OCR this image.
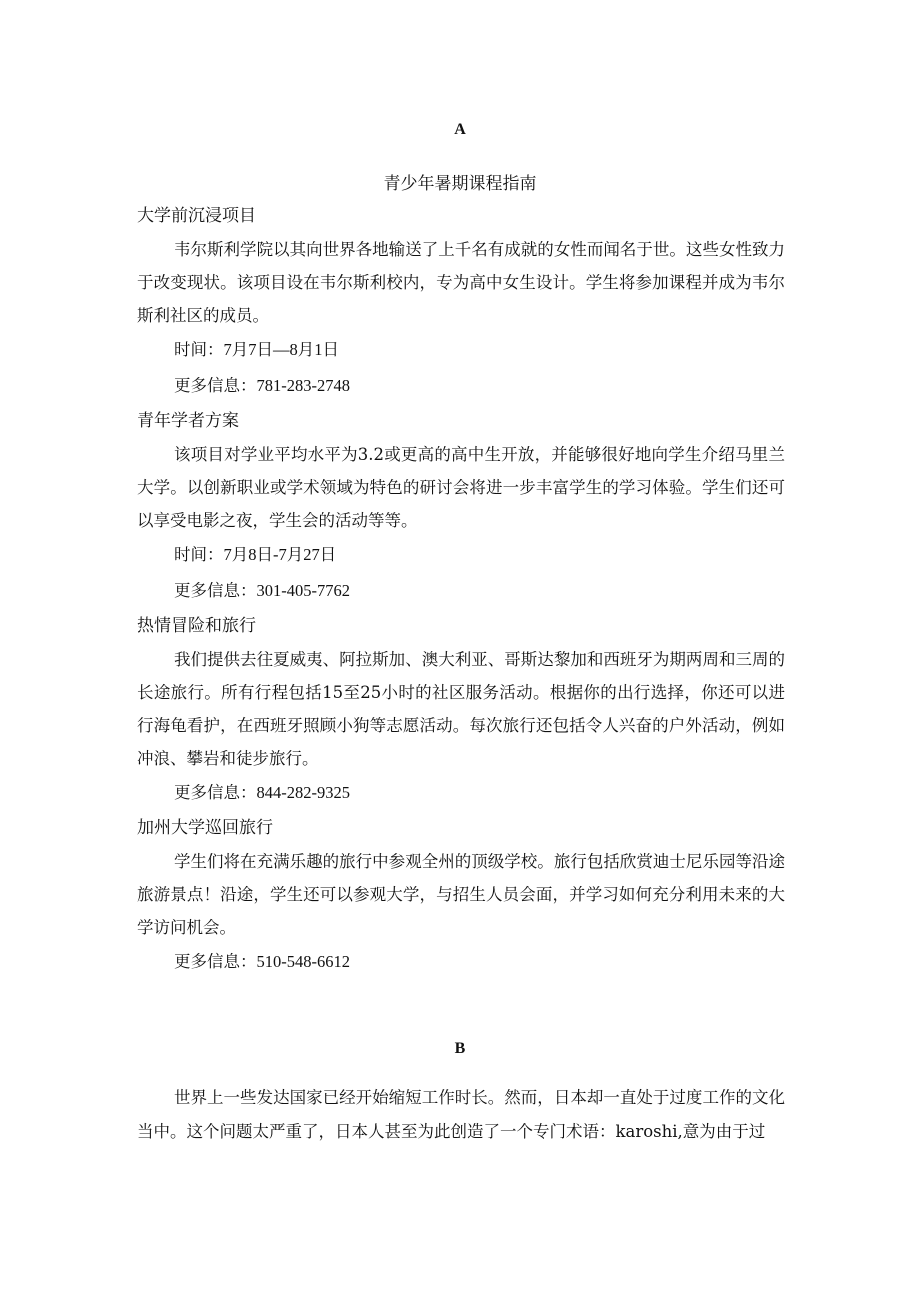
A
青少年暑期课程指南
大学前沉浸项目

韦尔斯利学院以其向世界各地输送了上千名有成就的女性而闻名于世。这些女性致力于改变现状。该项目设在韦尔斯利校内，专为高中女生设计。学生将参加课程并成为韦尔斯利社区的成员。

时间：7月7日—8月1日
更多信息：781-283-2748
青年学者方案

该项目对学业平均水平为3.2或更高的高中生开放，并能够很好地向学生介绍马里兰大学。以创新职业或学术领域为特色的研讨会将进一步丰富学生的学习体验。学生们还可以享受电影之夜，学生会的活动等等。

时间：7月8日-7月27日
更多信息：301-405-7762
热情冒险和旅行

我们提供去往夏威夷、阿拉斯加、澳大利亚、哥斯达黎加和西班牙为期两周和三周的长途旅行。所有行程包括15至25小时的社区服务活动。根据你的出行选择，你还可以进行海龟看护，在西班牙照顾小狗等志愿活动。每次旅行还包括令人兴奋的户外活动，例如冲浪、攀岩和徒步旅行。

更多信息：844-282-9325
加州大学巡回旅行

学生们将在充满乐趣的旅行中参观全州的顶级学校。旅行包括欣赏迪士尼乐园等沿途旅游景点！沿途，学生还可以参观大学，与招生人员会面，并学习如何充分利用未来的大学访问机会。

更多信息：510-548-6612
B

世界上一些发达国家已经开始缩短工作时长。然而，日本却一直处于过度工作的文化当中。这个问题太严重了，日本人甚至为此创造了一个专门术语：karoshi,意为由于过
